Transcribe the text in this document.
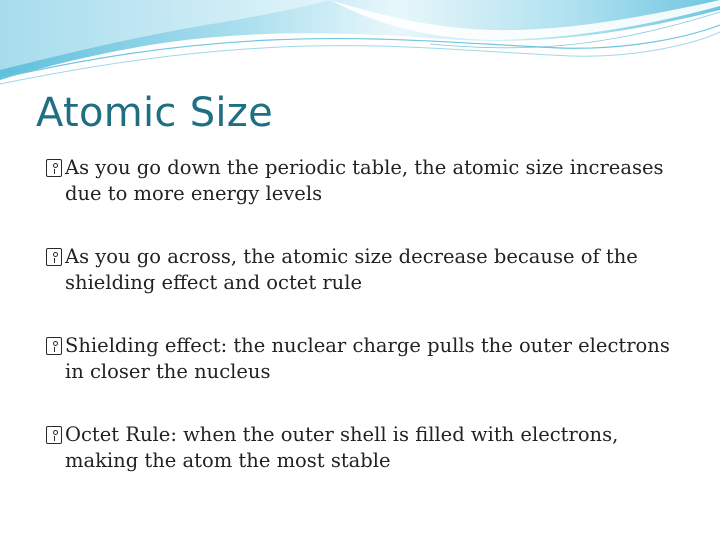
Atomic Size
As you go down the periodic table, the atomic size increases due to more energy levels
As you go across, the atomic size decrease because of the shielding effect and octet rule
Shielding effect: the nuclear charge pulls the outer electrons in closer the nucleus
Octet Rule: when the outer shell is filled with electrons, making the atom the most stable
